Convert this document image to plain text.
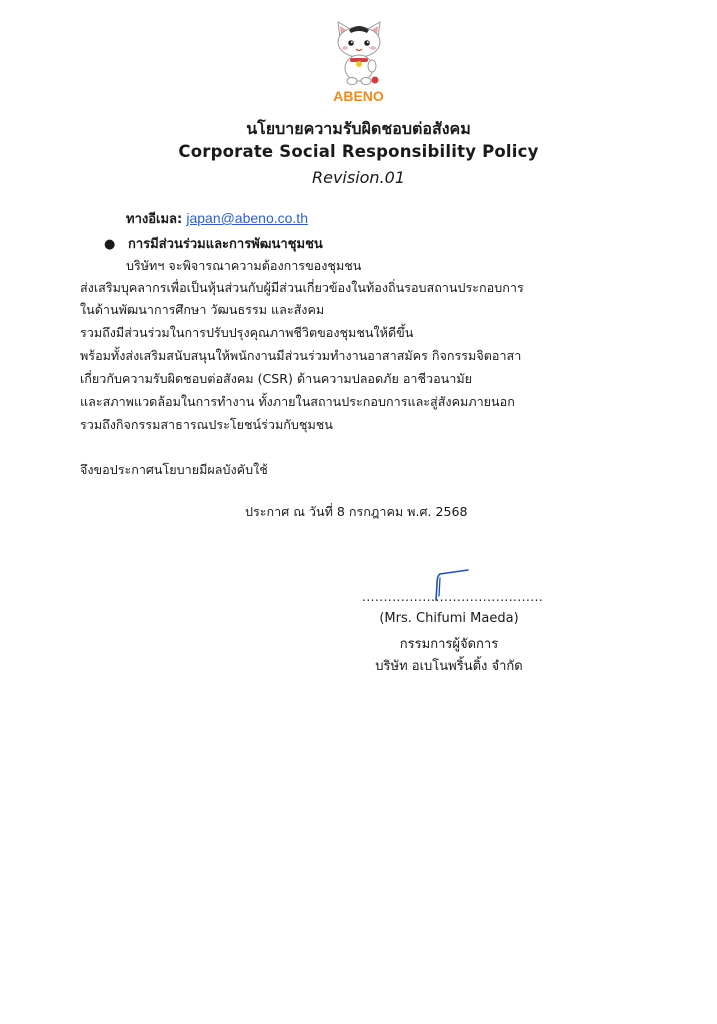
ABENO
นโยบายความรับผิดชอบต่อสังคม
Corporate Social Responsibility Policy
Revision.01
ทางอีเมล: japan@abeno.co.th
● การมีส่วนร่วมและการพัฒนาชุมชน
บริษัทฯ จะพิจารณาความต้องการของชุมชน
ส่งเสริมบุคลากรเพื่อเป็นหุ้นส่วนกับผู้มีส่วนเกี่ยวข้องในท้องถิ่นรอบสถานประกอบการ
ในด้านพัฒนาการศึกษา วัฒนธรรม และสังคม
รวมถึงมีส่วนร่วมในการปรับปรุงคุณภาพชีวิตของชุมชนให้ดีขึ้น
พร้อมทั้งส่งเสริมสนับสนุนให้พนักงานมีส่วนร่วมทำงานอาสาสมัคร กิจกรรมจิตอาสา
เกี่ยวกับความรับผิดชอบต่อสังคม (CSR) ด้านความปลอดภัย อาชีวอนามัย
และสภาพแวดล้อมในการทำงาน ทั้งภายในสถานประกอบการและสู่สังคมภายนอก
รวมถึงกิจกรรมสาธารณประโยชน์ร่วมกับชุมชน
จึงขอประกาศนโยบายมีผลบังคับใช้
ประกาศ ณ วันที่ 8 กรกฎาคม พ.ศ. 2568
..........................................
(Mrs. Chifumi Maeda)
กรรมการผู้จัดการ
บริษัท อเบโนพริ้นติ้ง จำกัด
